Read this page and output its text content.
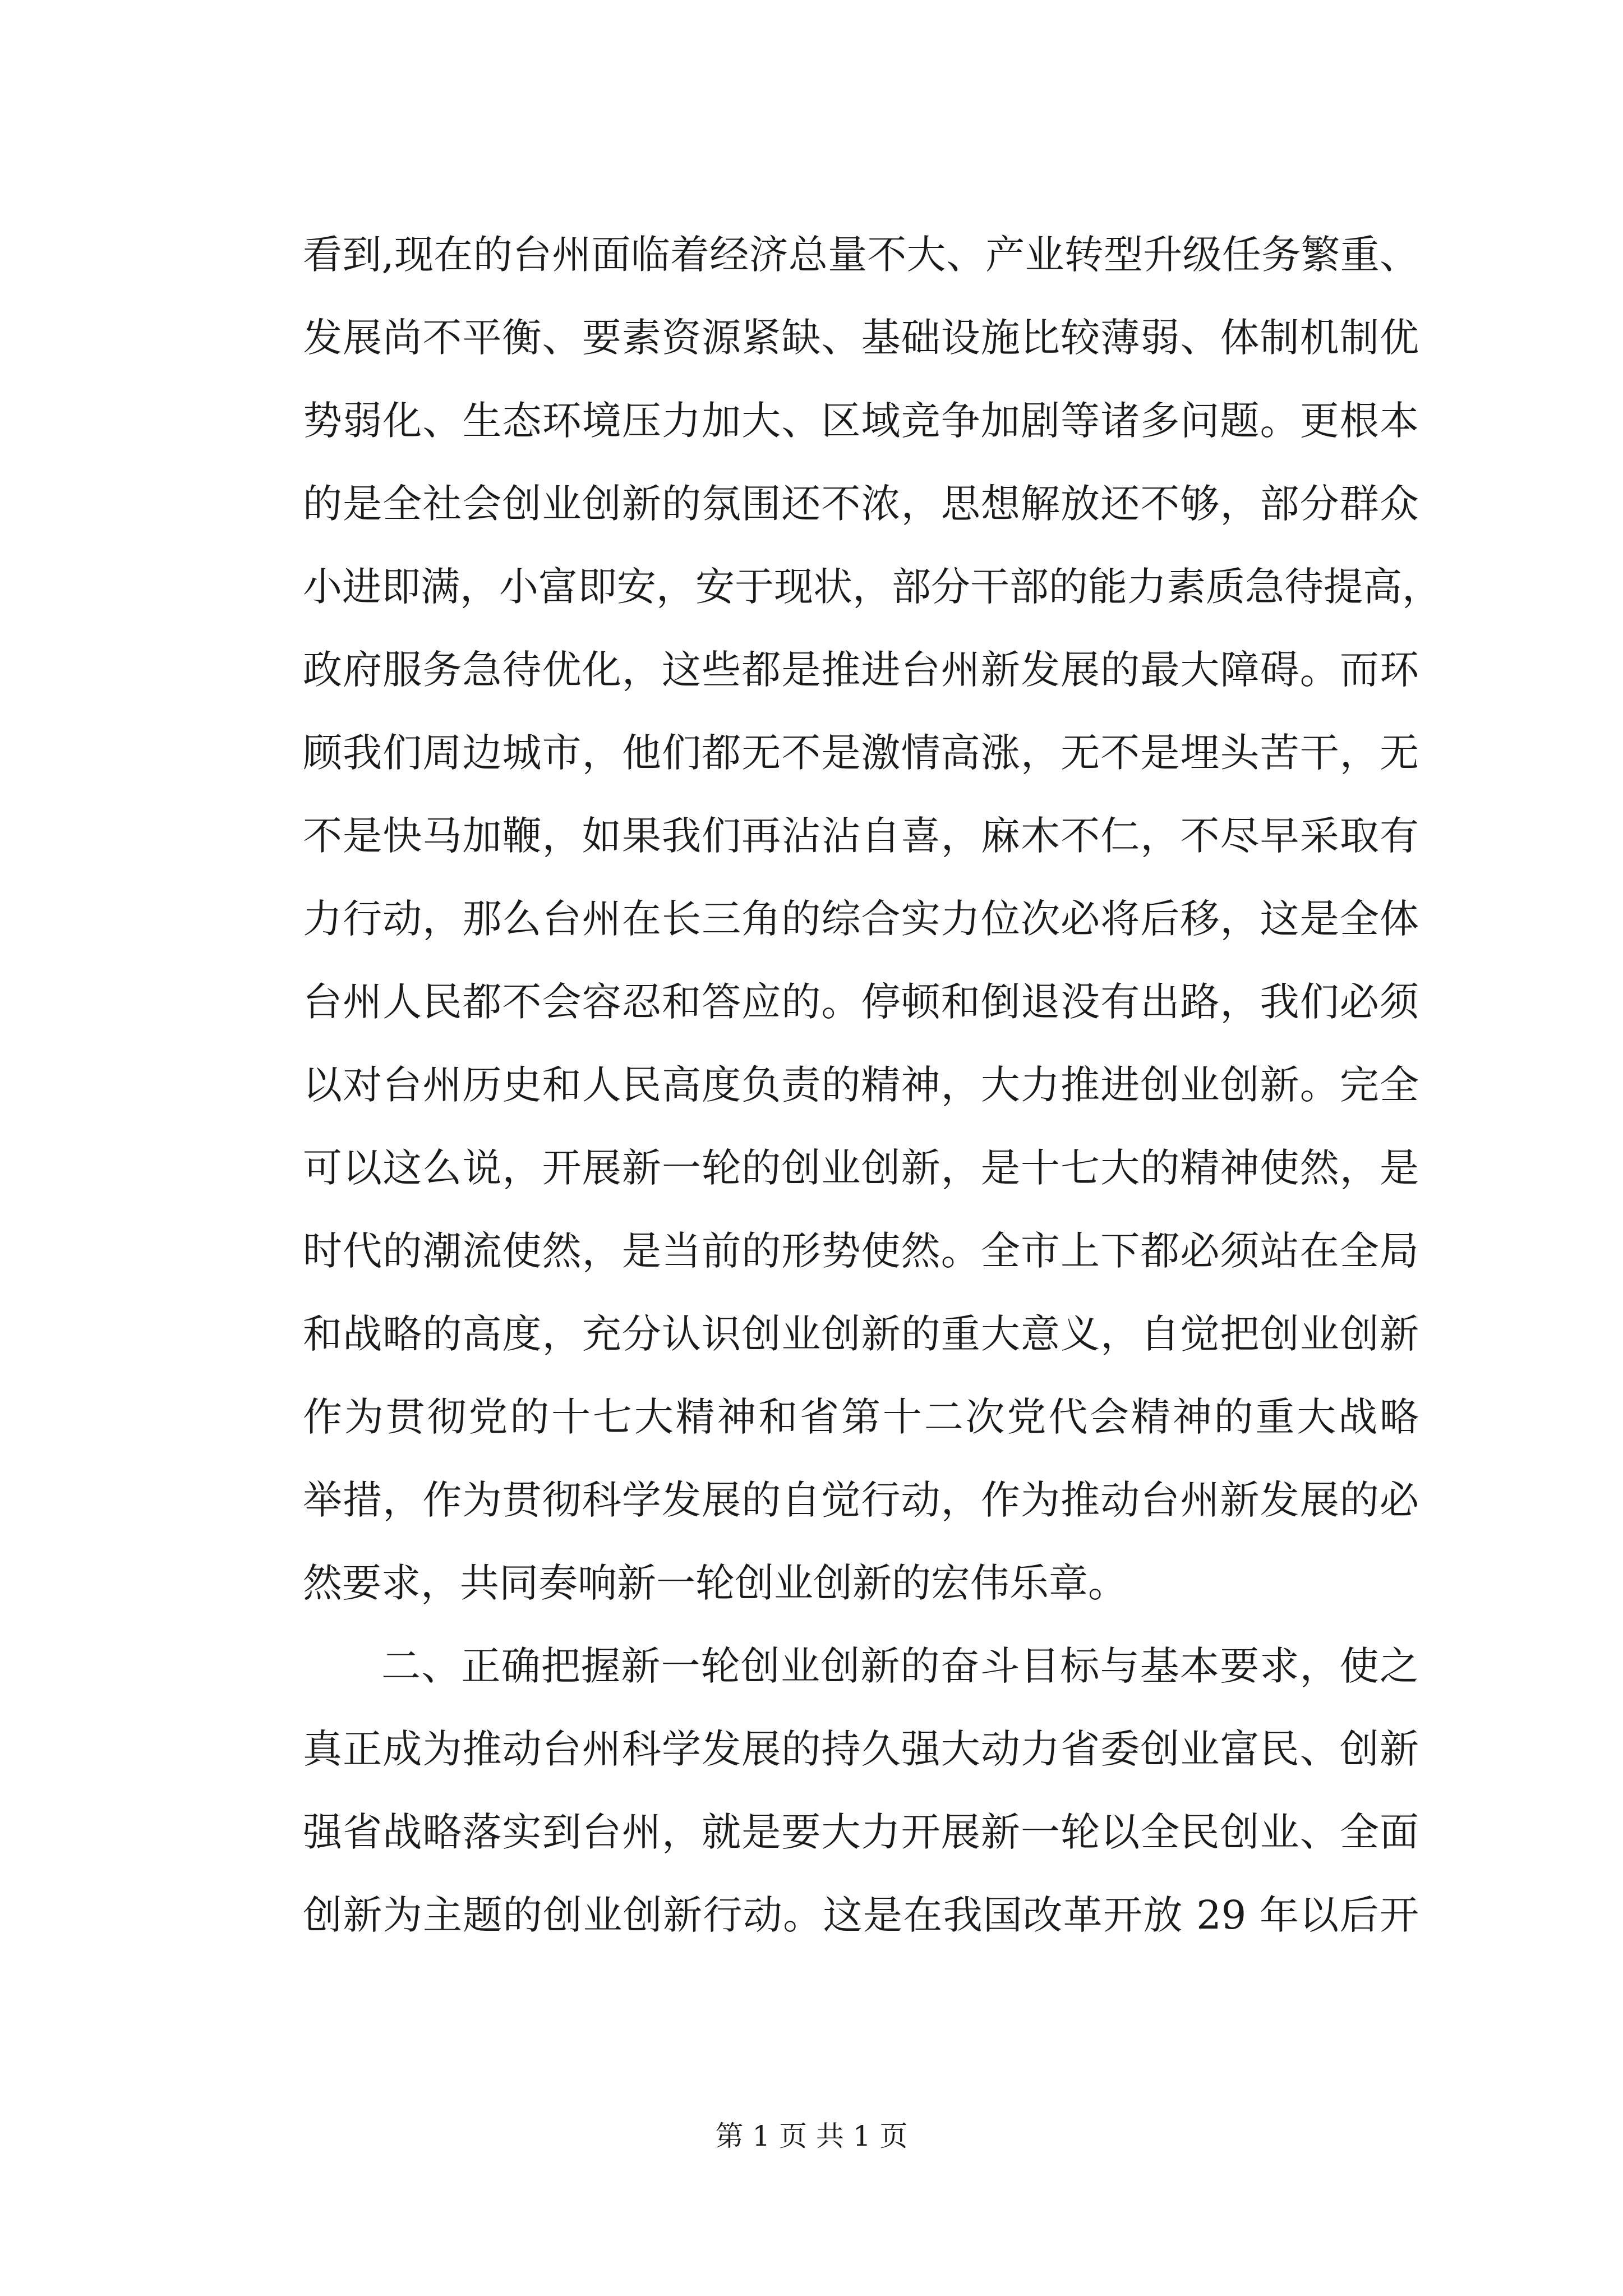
看到,现在的台州面临着经济总量不大、产业转型升级任务繁重、
发展尚不平衡、要素资源紧缺、基础设施比较薄弱、体制机制优
势弱化、生态环境压力加大、区域竞争加剧等诸多问题。更根本
的是全社会创业创新的氛围还不浓，思想解放还不够，部分群众
小进即满，小富即安，安于现状，部分干部的能力素质急待提高，
政府服务急待优化，这些都是推进台州新发展的最大障碍。而环
顾我们周边城市，他们都无不是激情高涨，无不是埋头苦干，无
不是快马加鞭，如果我们再沾沾自喜，麻木不仁，不尽早采取有
力行动，那么台州在长三角的综合实力位次必将后移，这是全体
台州人民都不会容忍和答应的。停顿和倒退没有出路，我们必须
以对台州历史和人民高度负责的精神，大力推进创业创新。完全
可以这么说，开展新一轮的创业创新，是十七大的精神使然，是
时代的潮流使然，是当前的形势使然。全市上下都必须站在全局
和战略的高度，充分认识创业创新的重大意义，自觉把创业创新
作为贯彻党的十七大精神和省第十二次党代会精神的重大战略
举措，作为贯彻科学发展的自觉行动，作为推动台州新发展的必
然要求，共同奏响新一轮创业创新的宏伟乐章。
二、正确把握新一轮创业创新的奋斗目标与基本要求，使之
真正成为推动台州科学发展的持久强大动力省委创业富民、创新
强省战略落实到台州，就是要大力开展新一轮以全民创业、全面
创新为主题的创业创新行动。这是在我国改革开放 29 年以后开
第 1 页 共 1 页
